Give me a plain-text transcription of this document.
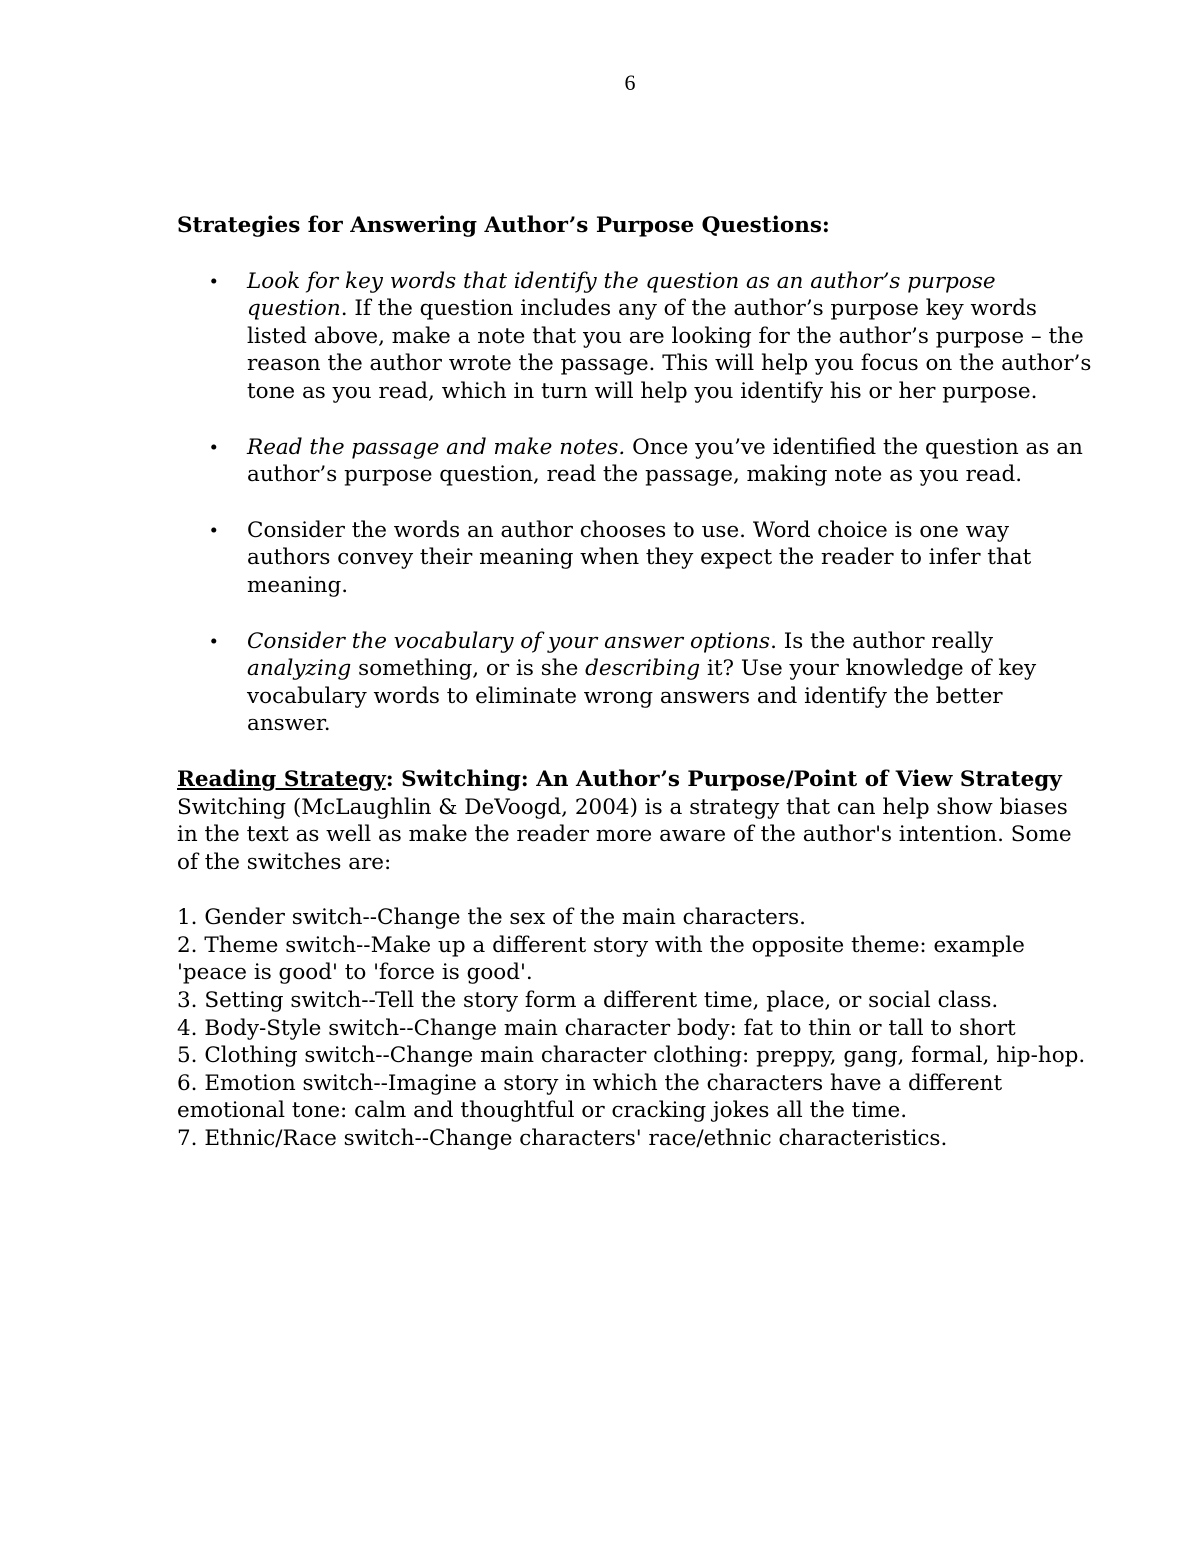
6

Strategies for Answering Author’s Purpose Questions:

• Look for key words that identify the question as an author’s purpose question. If the question includes any of the author’s purpose key words listed above, make a note that you are looking for the author’s purpose – the reason the author wrote the passage. This will help you focus on the author’s tone as you read, which in turn will help you identify his or her purpose.
• Read the passage and make notes. Once you’ve identified the question as an author’s purpose question, read the passage, making note as you read.
• Consider the words an author chooses to use. Word choice is one way authors convey their meaning when they expect the reader to infer that meaning.
• Consider the vocabulary of your answer options. Is the author really analyzing something, or is she describing it? Use your knowledge of key vocabulary words to eliminate wrong answers and identify the better answer.

Reading Strategy: Switching: An Author’s Purpose/Point of View Strategy

Switching (McLaughlin & DeVoogd, 2004) is a strategy that can help show biases in the text as well as make the reader more aware of the author's intention. Some of the switches are:

1. Gender switch--Change the sex of the main characters.

2. Theme switch--Make up a different story with the opposite theme: example 'peace is good' to 'force is good'.

3. Setting switch--Tell the story form a different time, place, or social class.

4. Body-Style switch--Change main character body: fat to thin or tall to short

5. Clothing switch--Change main character clothing: preppy, gang, formal, hip-hop.

6. Emotion switch--Imagine a story in which the characters have a different emotional tone: calm and thoughtful or cracking jokes all the time.

7. Ethnic/Race switch--Change characters' race/ethnic characteristics.
